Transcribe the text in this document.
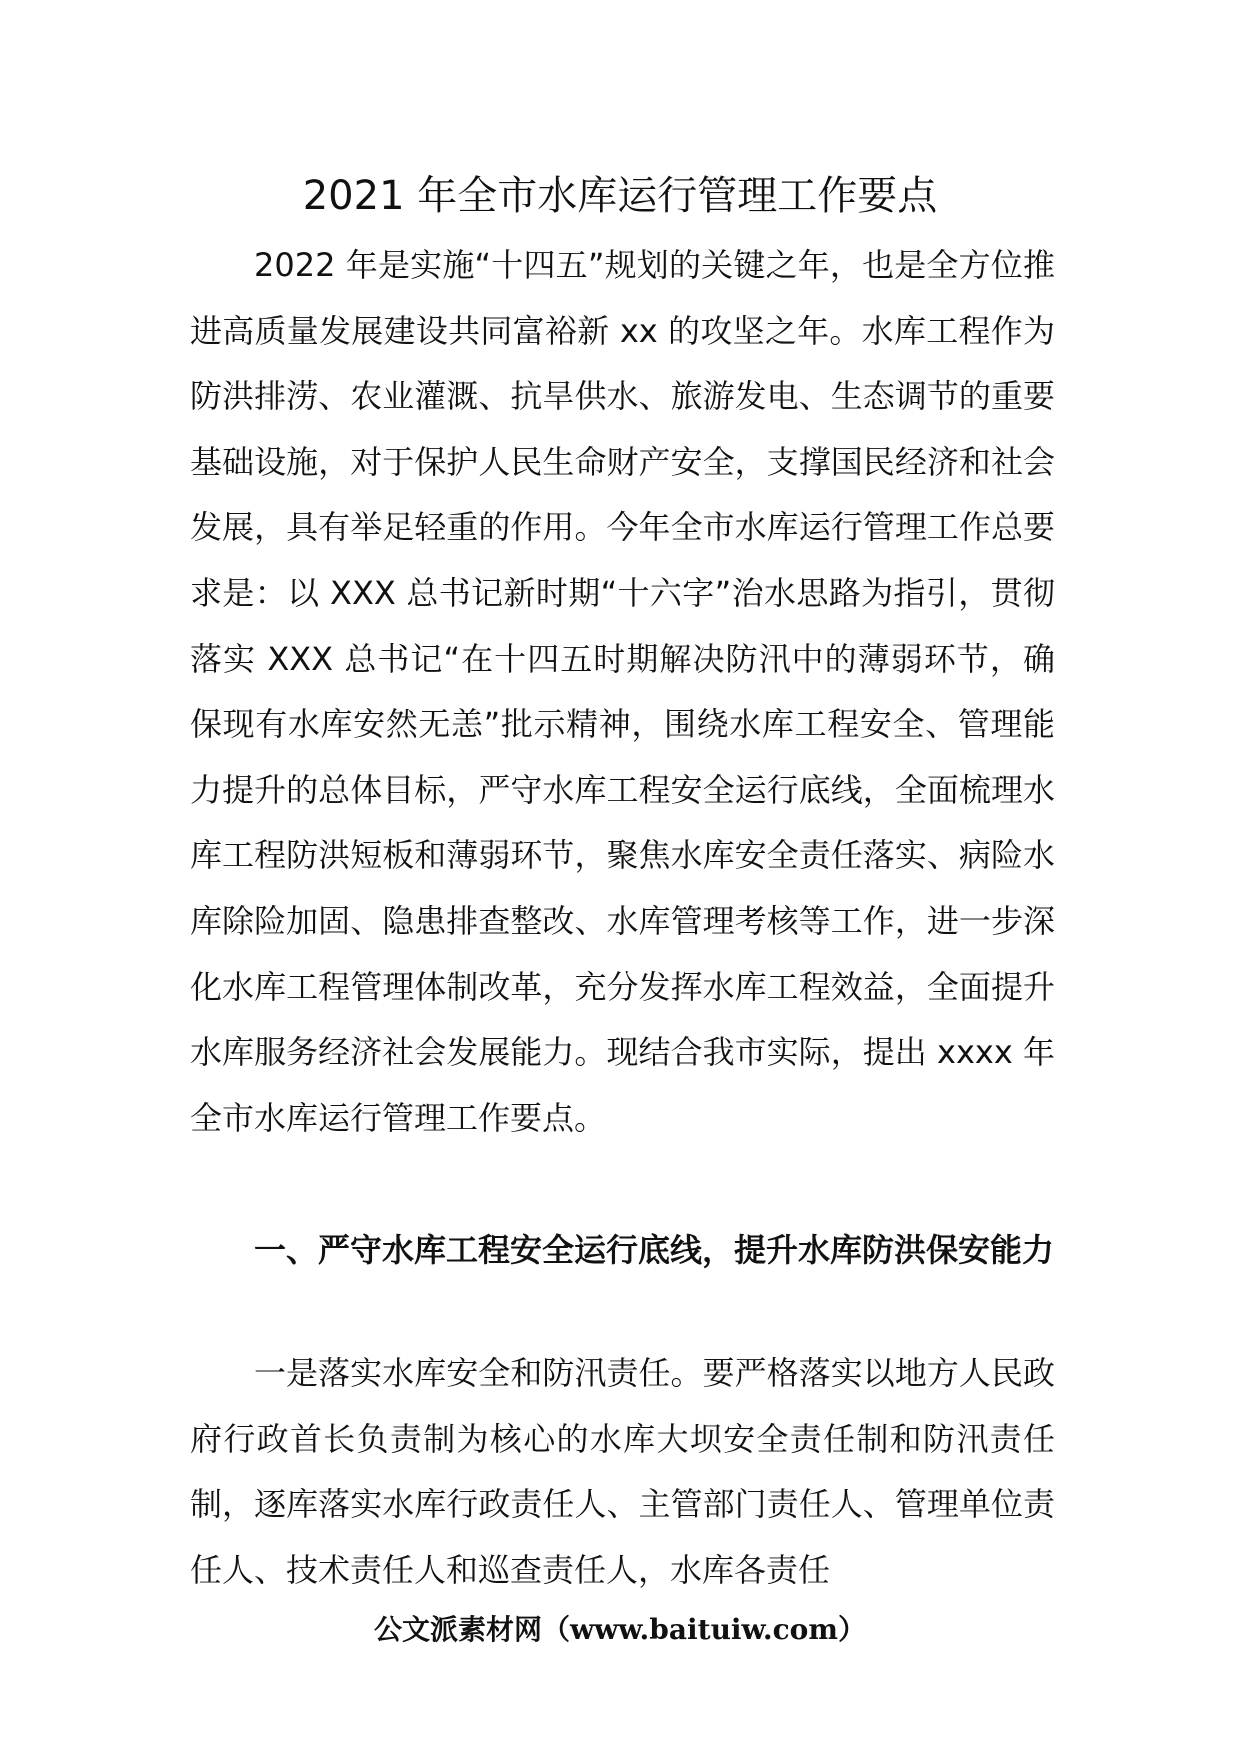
2021 年全市水库运行管理工作要点

2022 年是实施“十四五”规划的关键之年，也是全方位推进高质量发展建设共同富裕新 xx 的攻坚之年。水库工程作为防洪排涝、农业灌溉、抗旱供水、旅游发电、生态调节的重要基础设施，对于保护人民生命财产安全，支撑国民经济和社会发展，具有举足轻重的作用。今年全市水库运行管理工作总要求是：以 XXX 总书记新时期“十六字”治水思路为指引，贯彻落实 XXX 总书记“在十四五时期解决防汛中的薄弱环节，确保现有水库安然无恙”批示精神，围绕水库工程安全、管理能力提升的总体目标，严守水库工程安全运行底线，全面梳理水库工程防洪短板和薄弱环节，聚焦水库安全责任落实、病险水库除险加固、隐患排查整改、水库管理考核等工作，进一步深化水库工程管理体制改革，充分发挥水库工程效益，全面提升水库服务经济社会发展能力。现结合我市实际，提出 xxxx 年全市水库运行管理工作要点。

一、严守水库工程安全运行底线，提升水库防洪保安能力

一是落实水库安全和防汛责任。要严格落实以地方人民政府行政首长负责制为核心的水库大坝安全责任制和防汛责任制，逐库落实水库行政责任人、主管部门责任人、管理单位责任人、技术责任人和巡查责任人，水库各责任

公文派素材网（www.baituiw.com）
